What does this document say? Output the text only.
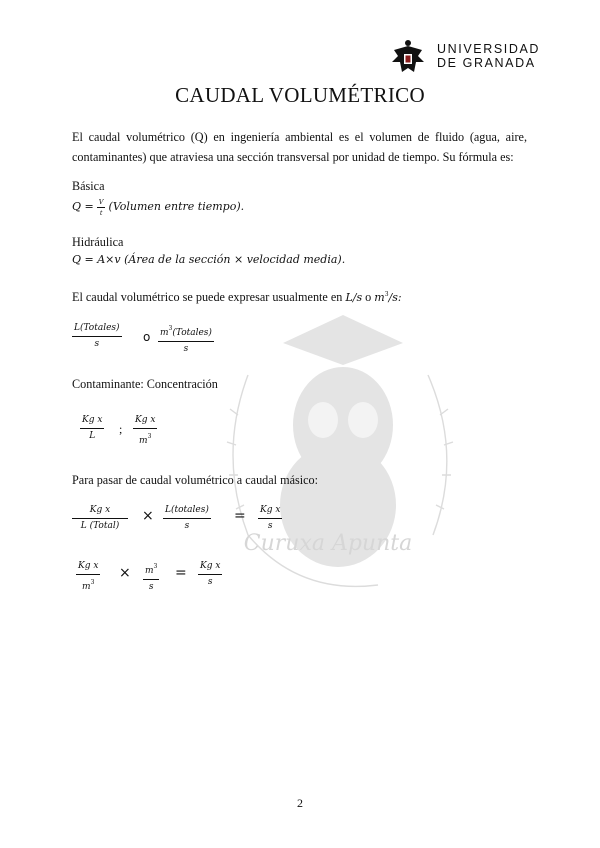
Curuxa Apunta
UNIVERSIDAD
DE GRANADA
CAUDAL VOLUMÉTRICO
El caudal volumétrico (Q) en ingeniería ambiental es el volumen de fluido (agua, aire,
contaminantes) que atraviesa una sección transversal por unidad de tiempo. Su fórmula es:
Básica
$Q = \frac{V}{t}$ (Volumen entre tiempo).
Hidráulica
Q = A×v (Área de la sección × velocidad media).
El caudal volumétrico se puede expresar usualmente en L/s o $m^3/s$:
$\frac{\text{L(Totales)}}{s}$ o $\frac{m^3(Totales)}{s}$
Contaminante: Concentración
$\frac{\text{Kg x}}{L}$ ; $\frac{\text{Kg x}}{m^3}$
Para pasar de caudal volumétrico a caudal másico:
$\frac{\text{Kg x}}{\text{L (Total)}} \times \frac{\text{L(totales)}}{s} = \frac{\text{Kg x}}{s}$
$\frac{\text{Kg x}}{m^3} \times \frac{m^3}{s} = \frac{\text{Kg x}}{s}$
2
